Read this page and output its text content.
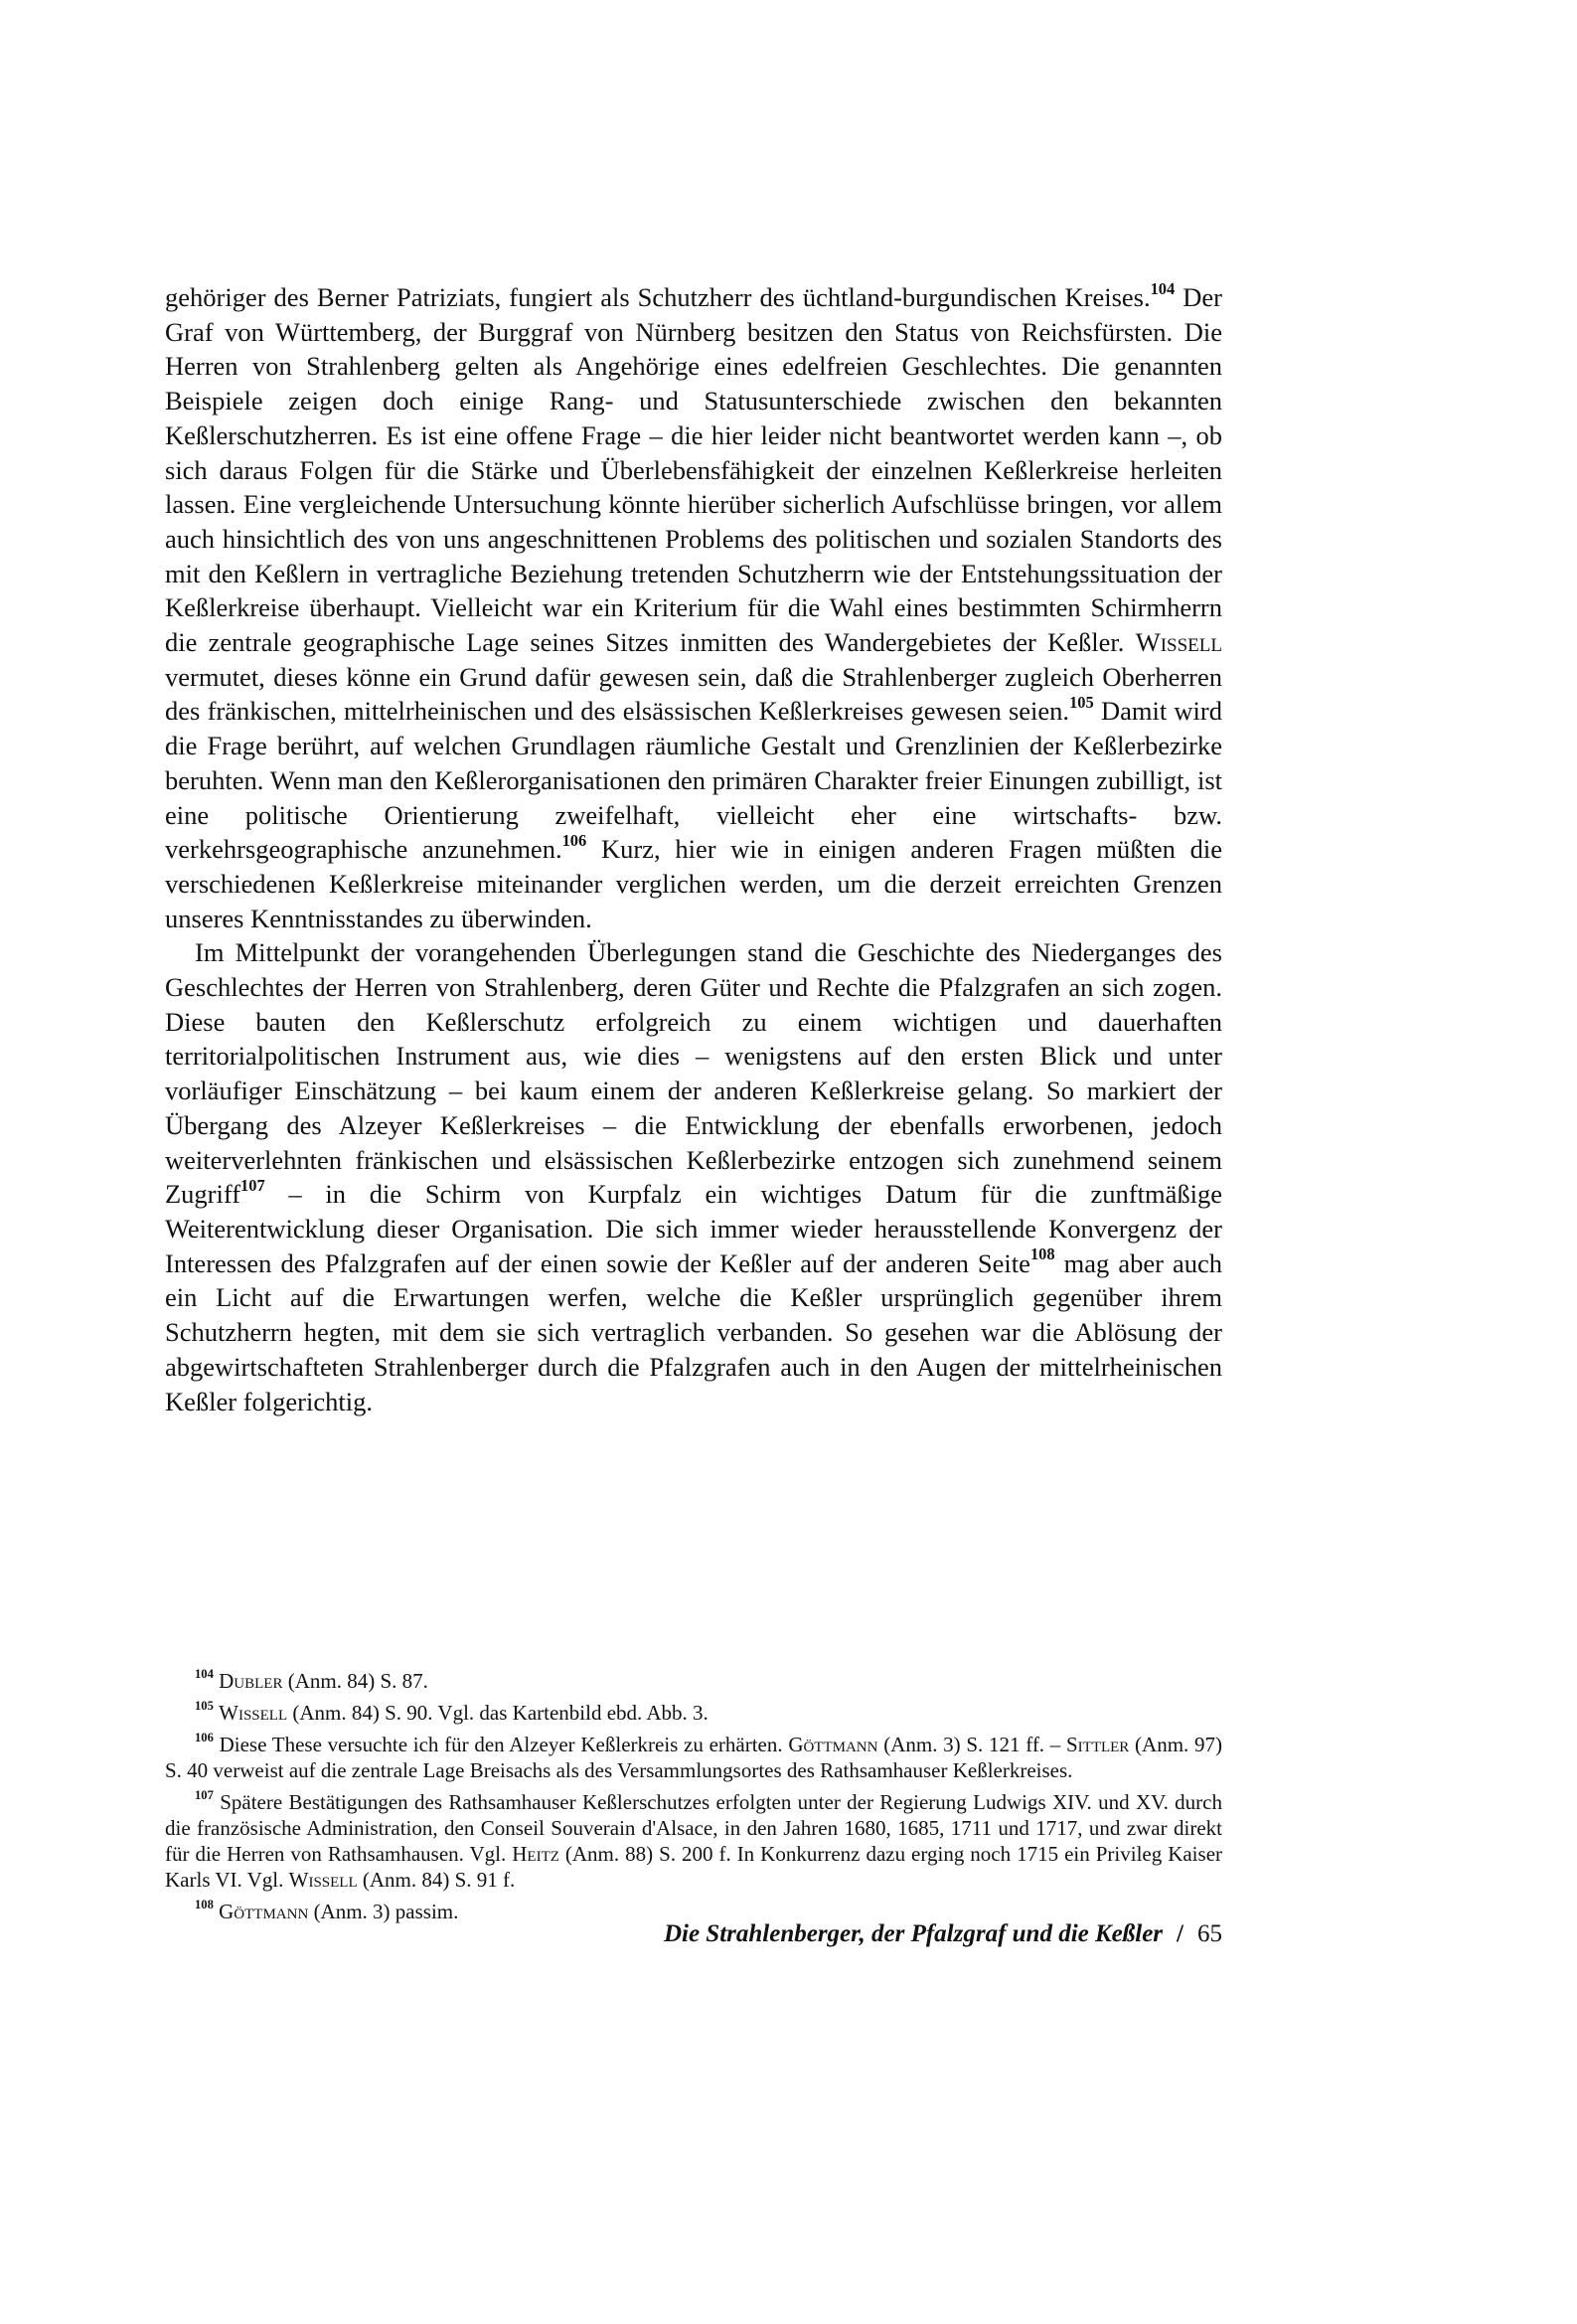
gehöriger des Berner Patriziats, fungiert als Schutzherr des üchtland-burgundischen Kreises.$^{104}$ Der Graf von Württemberg, der Burggraf von Nürnberg besitzen den Status von Reichsfürsten. Die Herren von Strahlenberg gelten als Angehörige eines edelfreien Geschlechtes. Die genannten Beispiele zeigen doch einige Rang- und Statusunterschiede zwischen den bekannten Keßlerschutzherren. Es ist eine offene Frage – die hier leider nicht beantwortet werden kann –, ob sich daraus Folgen für die Stärke und Überlebensfähigkeit der einzelnen Keßlerkreise herleiten lassen. Eine vergleichende Untersuchung könnte hierüber sicherlich Aufschlüsse bringen, vor allem auch hinsichtlich des von uns angeschnittenen Problems des politischen und sozialen Standorts des mit den Keßlern in vertragliche Beziehung tretenden Schutzherrn wie der Entstehungssituation der Keßlerkreise überhaupt. Vielleicht war ein Kriterium für die Wahl eines bestimmten Schirmherrn die zentrale geographische Lage seines Sitzes inmitten des Wandergebietes der Keßler. Wissell vermutet, dieses könne ein Grund dafür gewesen sein, daß die Strahlenberger zugleich Oberherren des fränkischen, mittelrheinischen und des elsässischen Keßlerkreises gewesen seien.$^{105}$ Damit wird die Frage berührt, auf welchen Grundlagen räumliche Gestalt und Grenzlinien der Keßlerbezirke beruhten. Wenn man den Keßlerorganisationen den primären Charakter freier Einungen zubilligt, ist eine politische Orientierung zweifelhaft, vielleicht eher eine wirtschafts- bzw. verkehrsgeographische anzunehmen.$^{106}$ Kurz, hier wie in einigen anderen Fragen müßten die verschiedenen Keßlerkreise miteinander verglichen werden, um die derzeit erreichten Grenzen unseres Kenntnisstandes zu überwinden.

Im Mittelpunkt der vorangehenden Überlegungen stand die Geschichte des Niederganges des Geschlechtes der Herren von Strahlenberg, deren Güter und Rechte die Pfalzgrafen an sich zogen. Diese bauten den Keßlerschutz erfolgreich zu einem wichtigen und dauerhaften territorialpolitischen Instrument aus, wie dies – wenigstens auf den ersten Blick und unter vorläufiger Einschätzung – bei kaum einem der anderen Keßlerkreise gelang. So markiert der Übergang des Alzeyer Keßlerkreises – die Entwicklung der ebenfalls erworbenen, jedoch weiterverlehnten fränkischen und elsässischen Keßlerbezirke entzogen sich zunehmend seinem Zugriff$^{107}$ – in die Schirm von Kurpfalz ein wichtiges Datum für die zunftmäßige Weiterentwicklung dieser Organisation. Die sich immer wieder herausstellende Konvergenz der Interessen des Pfalzgrafen auf der einen sowie der Keßler auf der anderen Seite$^{108}$ mag aber auch ein Licht auf die Erwartungen werfen, welche die Keßler ursprünglich gegenüber ihrem Schutzherrn hegten, mit dem sie sich vertraglich verbanden. So gesehen war die Ablösung der abgewirtschafteten Strahlenberger durch die Pfalzgrafen auch in den Augen der mittelrheinischen Keßler folgerichtig.

$^{104}$ Dubler (Anm. 84) S. 87.

$^{105}$ Wissell (Anm. 84) S. 90. Vgl. das Kartenbild ebd. Abb. 3.

$^{106}$ Diese These versuchte ich für den Alzeyer Keßlerkreis zu erhärten. Göttmann (Anm. 3) S. 121 ff. – Sittler (Anm. 97) S. 40 verweist auf die zentrale Lage Breisachs als des Versammlungsortes des Rathsamhauser Keßlerkreises.

$^{107}$ Spätere Bestätigungen des Rathsamhauser Keßlerschutzes erfolgten unter der Regierung Ludwigs XIV. und XV. durch die französische Administration, den Conseil Souverain d'Alsace, in den Jahren 1680, 1685, 1711 und 1717, und zwar direkt für die Herren von Rathsamhausen. Vgl. Heitz (Anm. 88) S. 200 f. In Konkurrenz dazu erging noch 1715 ein Privileg Kaiser Karls VI. Vgl. Wissell (Anm. 84) S. 91 f.

$^{108}$ Göttmann (Anm. 3) passim.

Die Strahlenberger, der Pfalzgraf und die Keßler / 65
